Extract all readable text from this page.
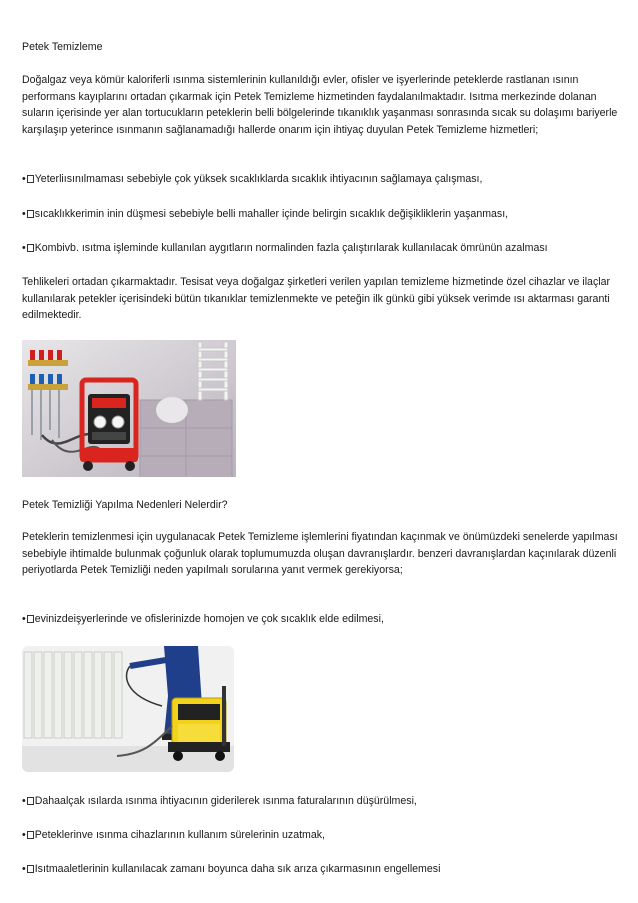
Petek Temizleme

Doğalgaz veya kömür kaloriferli ısınma sistemlerinin kullanıldığı evler, ofisler ve işyerlerinde peteklerde rastlanan ısının performans kayıplarını ortadan çıkarmak için Petek Temizleme hizmetinden faydalanılmaktadır. Isıtma merkezinde dolanan suların içerisinde yer alan tortucukların peteklerin belli bölgelerinde tıkanıklık yaşanması sonrasında sıcak su dolaşımı bariyerle karşılaşıp yeterince ısınmanın sağlanamadığı hallerde onarım için ihtiyaç duyulan Petek Temizleme hizmetleri;

• Yeterliısınılmaması sebebiyle çok yüksek sıcaklıklarda sıcaklık ihtiyacının sağlamaya çalışması,

• sıcaklıkkerimin inin düşmesi sebebiyle belli mahaller içinde belirgin sıcaklık değişikliklerin yaşanması,

• Kombivb. ısıtma işleminde kullanılan aygıtların normalinden fazla çalıştırılarak kullanılacak ömrünün azalması

Tehlikeleri ortadan çıkarmaktadır. Tesisat veya doğalgaz şirketleri verilen yapılan temizleme hizmetinde özel cihazlar ve ilaçlar kullanılarak petekler içerisindeki bütün tıkanıklar temizlenmekte ve peteğin ilk günkü gibi yüksek verimde ısı aktarması garanti edilmektedir.

Petek Temizliği Yapılma Nedenleri Nelerdir?

Peteklerin temizlenmesi için uygulanacak Petek Temizleme işlemlerini fiyatından kaçınmak ve önümüzdeki senelerde yapılması sebebiyle ihtimalde bulunmak çoğunluk olarak toplumumuzda oluşan davranışlardır. benzeri davranışlardan kaçınılarak düzenli periyotlarda Petek Temizliği neden yapılmalı sorularına yanıt vermek gerekiyorsa;

• evinizdeişyerlerinde ve ofislerinizde homojen ve çok sıcaklık elde edilmesi,

• Dahaalçak ısılarda ısınma ihtiyacının giderilerek ısınma faturalarının düşürülmesi,

• Peteklerinve ısınma cihazlarının kullanım sürelerinin uzatmak,

• Isıtmaaletlerinin kullanılacak zamanı boyunca daha sık arıza çıkarmasının engellemesi
